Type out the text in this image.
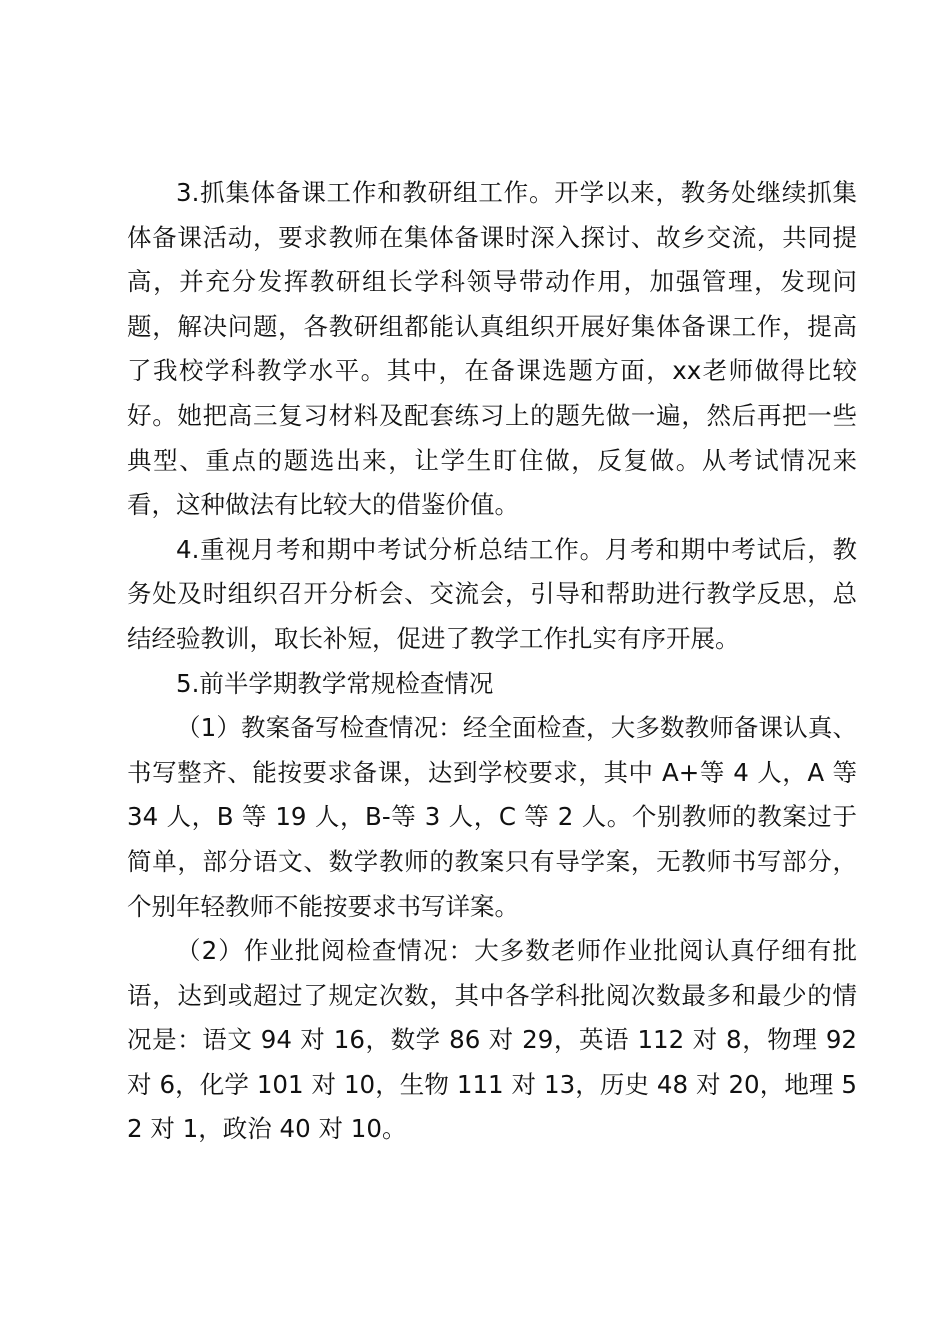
3.抓集体备课工作和教研组工作。开学以来，教务处继续抓集体备课活动，要求教师在集体备课时深入探讨、故乡交流，共同提高，并充分发挥教研组长学科领导带动作用，加强管理，发现问题，解决问题，各教研组都能认真组织开展好集体备课工作，提高了我校学科教学水平。其中，在备课选题方面，xx老师做得比较好。她把高三复习材料及配套练习上的题先做一遍，然后再把一些典型、重点的题选出来，让学生盯住做，反复做。从考试情况来看，这种做法有比较大的借鉴价值。

4.重视月考和期中考试分析总结工作。月考和期中考试后，教务处及时组织召开分析会、交流会，引导和帮助进行教学反思，总结经验教训，取长补短，促进了教学工作扎实有序开展。

5.前半学期教学常规检查情况

（1）教案备写检查情况：经全面检查，大多数教师备课认真、书写整齐、能按要求备课，达到学校要求，其中 A+等 4 人，A 等 34 人，B 等 19 人，B-等 3 人，C 等 2 人。个别教师的教案过于简单，部分语文、数学教师的教案只有导学案，无教师书写部分，个别年轻教师不能按要求书写详案。

（2）作业批阅检查情况：大多数老师作业批阅认真仔细有批语，达到或超过了规定次数，其中各学科批阅次数最多和最少的情况是：语文 94 对 16，数学 86 对 29，英语 112 对 8，物理 92 对 6，化学 101 对 10，生物 111 对 13，历史 48 对 20，地理 52 对 1，政治 40 对 10。
